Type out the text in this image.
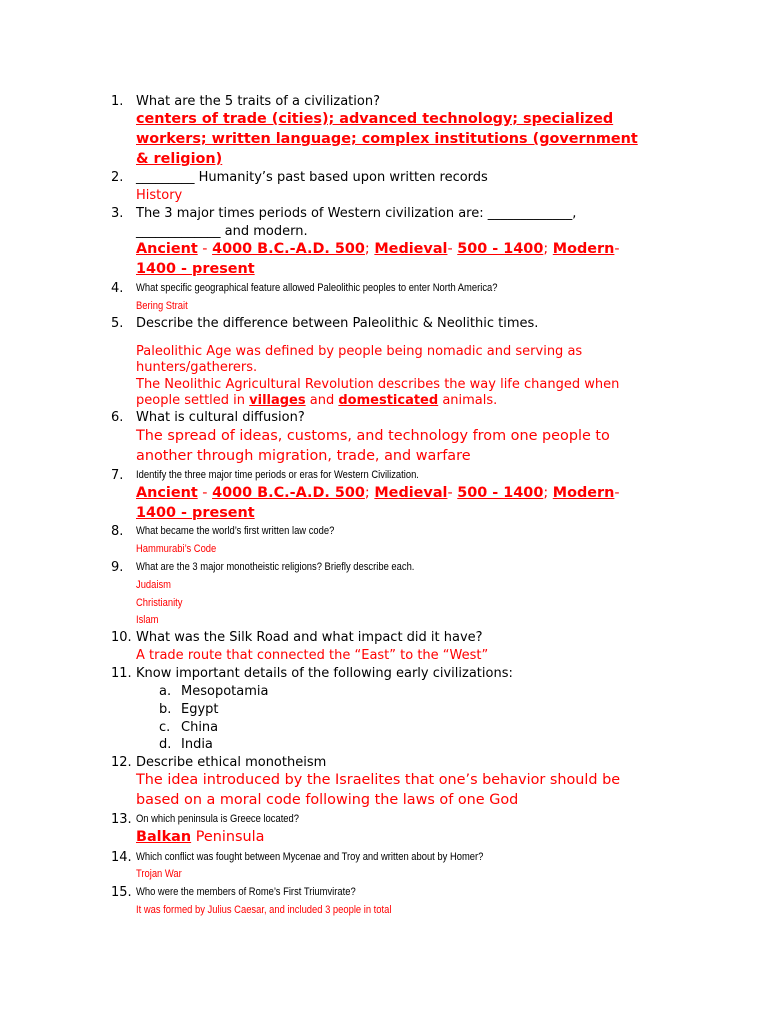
1. What are the 5 traits of a civilization?
centers of trade (cities); advanced technology; specialized
workers; written language; complex institutions (government
& religion)
2. _________ Humanity’s past based upon written records
History
3. The 3 major times periods of Western civilization are: _____________,
_____________ and modern.
Ancient - 4000 B.C.-A.D. 500; Medieval- 500 - 1400; Modern-
1400 - present
4.	What specific geographical feature allowed Paleolithic peoples to enter North America?
Bering Strait
5. Describe the difference between Paleolithic & Neolithic times.
Paleolithic Age was defined by people being nomadic and serving as
hunters/gatherers.
The Neolithic Agricultural Revolution describes the way life changed when
people settled in villages and domesticated animals.
6. What is cultural diffusion?
The spread of ideas, customs, and technology from one people to
another through migration, trade, and warfare
7.	Identify the three major time periods or eras for Western Civilization.
Ancient - 4000 B.C.-A.D. 500; Medieval- 500 - 1400; Modern-
1400 - present
8.	What became the world’s first written law code?
Hammurabi’s Code
9.	What are the 3 major monotheistic religions? Briefly describe each.
Judaism
Christianity
Islam
10. What was the Silk Road and what impact did it have?
A trade route that connected the “East” to the “West”
11. Know important details of the following early civilizations:
a. Mesopotamia
b. Egypt
c. China
d. India
12. Describe ethical monotheism
The idea introduced by the Israelites that one’s behavior should be
based on a moral code following the laws of one God
13. On which peninsula is Greece located?
Balkan Peninsula
14. Which conflict was fought between Mycenae and Troy and written about by Homer?
Trojan War
15. Who were the members of Rome’s First Triumvirate?
It was formed by Julius Caesar, and included 3 people in total
